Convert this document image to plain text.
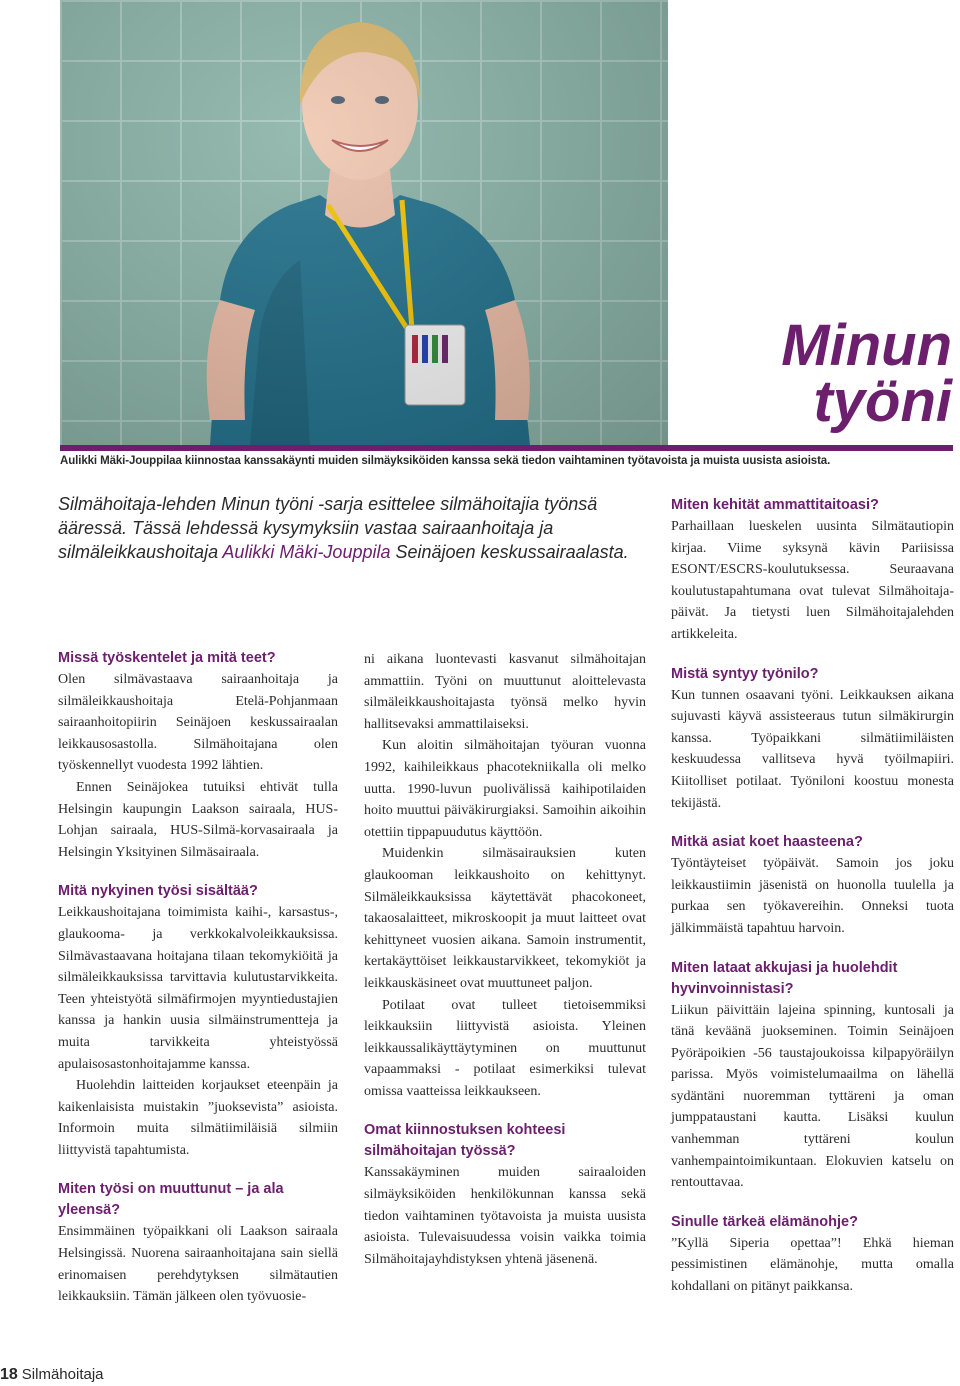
Minun
työni
Aulikki Mäki-Jouppilaa kiinnostaa kanssakäynti muiden silmäyksiköiden kanssa sekä tiedon vaihtaminen työtavoista ja muista uusista asioista.
Silmähoitaja-lehden Minun työni -sarja esittelee silmähoitajia työnsä ääressä. Tässä lehdessä kysymyksiin vastaa sairaanhoitaja ja silmäleikkaushoitaja Aulikki Mäki-Jouppila Seinäjoen keskussairaalasta.
Missä työskentelet ja mitä teet?

Olen silmävastaava sairaanhoitaja ja silmäleikkaushoitaja Etelä-Pohjanmaan sairaanhoitopiirin Seinäjoen keskussairaalan leikkausosastolla. Silmähoitajana olen työskennellyt vuodesta 1992 lähtien.

Ennen Seinäjokea tutuiksi ehtivät tulla Helsingin kaupungin Laakson sairaala, HUS-Lohjan sairaala, HUS-Silmä-korvasairaala ja Helsingin Yksityinen Silmäsairaala.

Mitä nykyinen työsi sisältää?

Leikkaushoitajana toimimista kaihi-, karsastus-, glaukooma- ja verkkokalvoleikkauksissa. Silmävastaavana hoitajana tilaan tekomykiöitä ja silmäleikkauksissa tarvittavia kulutustarvikkeita. Teen yhteistyötä silmäfirmojen myyntiedustajien kanssa ja hankin uusia silmäinstrumentteja ja muita tarvikkeita yhteistyössä apulaisosastonhoitajamme kanssa.

Huolehdin laitteiden korjaukset eteenpäin ja kaikenlaisista muistakin ”juoksevista” asioista. Informoin muita silmätiimiläisiä silmiin liittyvistä tapahtumista.

Miten työsi on muuttunut – ja ala yleensä?

Ensimmäinen työpaikkani oli Laakson sairaala Helsingissä. Nuorena sairaanhoitajana sain siellä erinomaisen perehdytyksen silmätautien leikkauksiin. Tämän jälkeen olen työvuosie-

ni aikana luontevasti kasvanut silmähoitajan ammattiin. Työni on muuttunut aloittelevasta silmäleikkaushoitajasta työnsä melko hyvin hallitsevaksi ammattilaiseksi.

Kun aloitin silmähoitajan työuran vuonna 1992, kaihileikkaus phacotekniikalla oli melko uutta. 1990-luvun puolivälissä kaihipotilaiden hoito muuttui päiväkirurgiaksi. Samoihin aikoihin otettiin tippapuudutus käyttöön.

Muidenkin silmäsairauksien kuten glaukooman leikkaushoito on kehittynyt. Silmäleikkauksissa käytettävät phacokoneet, takaosalaitteet, mikroskoopit ja muut laitteet ovat kehittyneet vuosien aikana. Samoin instrumentit, kertakäyttöiset leikkaustarvikkeet, tekomykiöt ja leikkauskäsineet ovat muuttuneet paljon.

Potilaat ovat tulleet tietoisemmiksi leikkauksiin liittyvistä asioista. Yleinen leikkaussalikäyttäytyminen on muuttunut vapaammaksi - potilaat esimerkiksi tulevat omissa vaatteissa leikkaukseen.

Omat kiinnostuksen kohteesi silmähoitajan työssä?

Kanssakäyminen muiden sairaaloiden silmäyksiköiden henkilökunnan kanssa sekä tiedon vaihtaminen työtavoista ja muista uusista asioista. Tulevaisuudessa voisin vaikka toimia Silmähoitajayhdistyksen yhtenä jäsenenä.

Miten kehität ammattitaitoasi?

Parhaillaan lueskelen uusinta Silmätautiopin kirjaa. Viime syksynä kävin Pariisissa ESONT/ESCRS-koulutuksessa. Seuraavana koulutustapahtumana ovat tulevat Silmähoitaja-päivät. Ja tietysti luen Silmähoitajalehden artikkeleita.

Mistä syntyy työnilo?

Kun tunnen osaavani työni. Leikkauksen aikana sujuvasti käyvä assisteeraus tutun silmäkirurgin kanssa. Työpaikkani silmätiimiläisten keskuudessa vallitseva hyvä työilmapiiri. Kiitolliset potilaat. Työniloni koostuu monesta tekijästä.

Mitkä asiat koet haasteena?

Työntäyteiset työpäivät. Samoin jos joku leikkaustiimin jäsenistä on huonolla tuulella ja purkaa sen työkavereihin. Onneksi tuota jälkimmäistä tapahtuu harvoin.

Miten lataat akkujasi ja huolehdit hyvinvoinnistasi?

Liikun päivittäin lajeina spinning, kuntosali ja tänä keväänä juokseminen. Toimin Seinäjoen Pyöräpoikien -56 taustajoukoissa kilpapyöräilyn parissa. Myös voimistelumaailma on lähellä sydäntäni nuoremman tyttäreni ja oman jumppataustani kautta. Lisäksi kuulun vanhemman tyttäreni koulun vanhempaintoimikuntaan. Elokuvien katselu on rentouttavaa.

Sinulle tärkeä elämänohje?

”Kyllä Siperia opettaa”! Ehkä hieman pessimistinen elämänohje, mutta omalla kohdallani on pitänyt paikkansa.

18 Silmähoitaja
